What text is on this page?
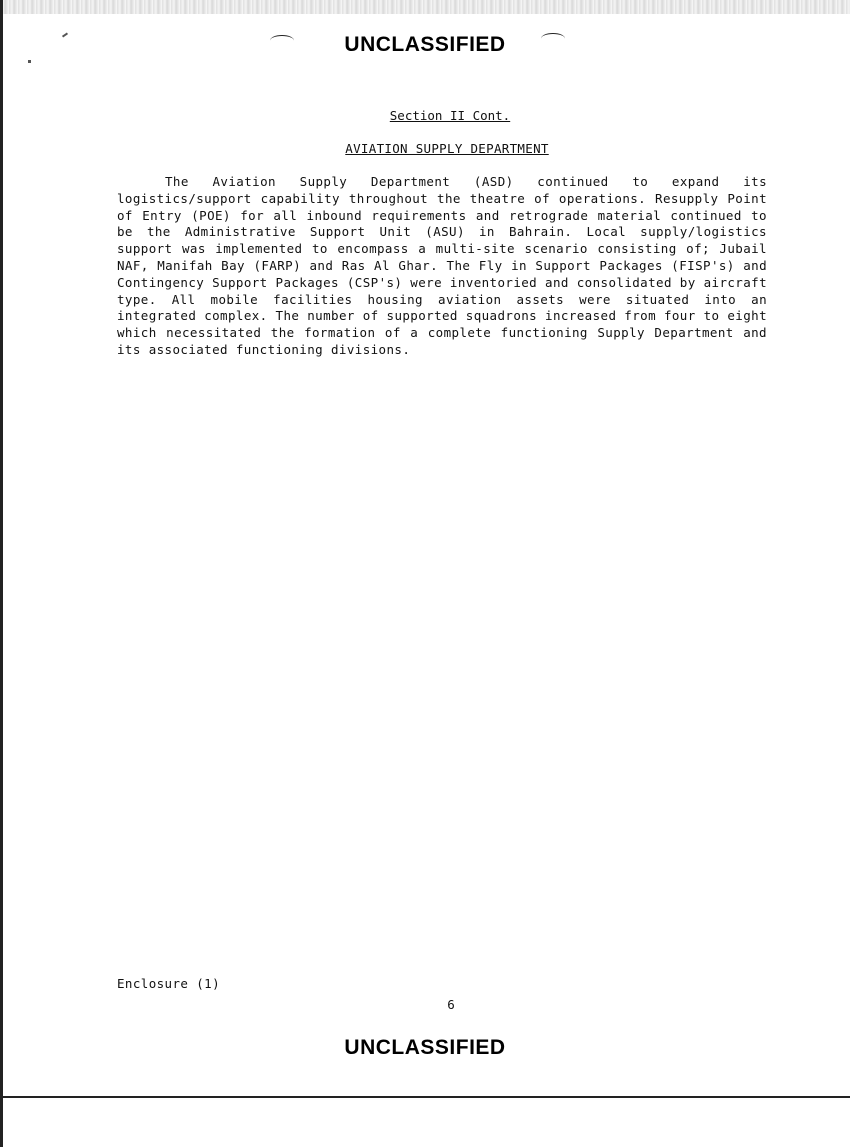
UNCLASSIFIED
Section II Cont.
AVIATION SUPPLY DEPARTMENT

The Aviation Supply Department (ASD) continued to expand its logistics/support capability throughout the theatre of operations. Resupply Point of Entry (POE) for all inbound requirements and retrograde material continued to be the Administrative Support Unit (ASU) in Bahrain. Local supply/logistics support was implemented to encompass a multi-site scenario consisting of; Jubail NAF, Manifah Bay (FARP) and Ras Al Ghar. The Fly in Support Packages (FISP's) and Contingency Support Packages (CSP's) were inventoried and consolidated by aircraft type. All mobile facilities housing aviation assets were situated into an integrated complex. The number of supported squadrons increased from four to eight which necessitated the formation of a complete functioning Supply Department and its associated functioning divisions.

Enclosure (1)
6
UNCLASSIFIED
